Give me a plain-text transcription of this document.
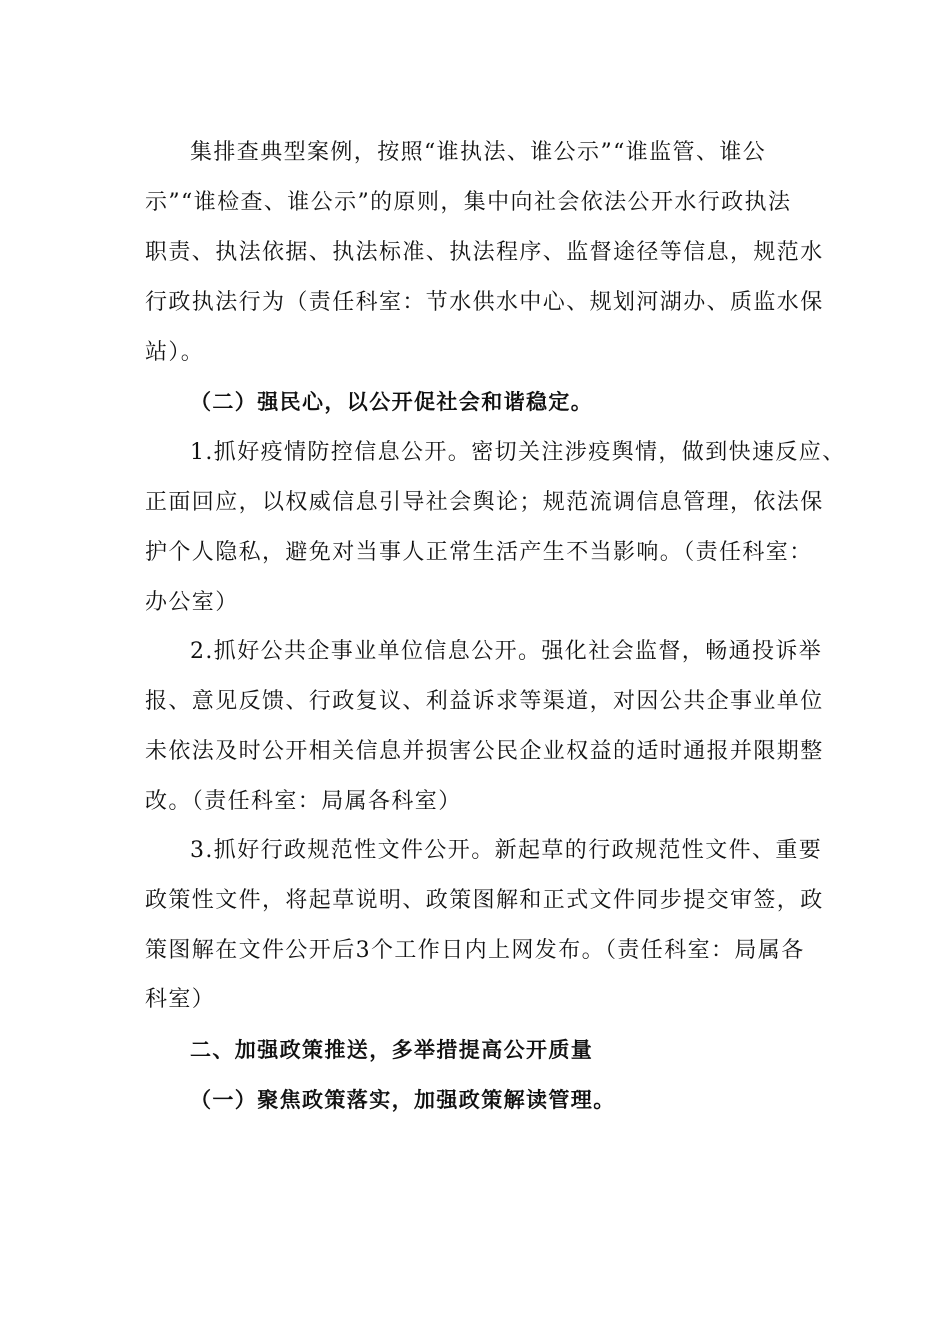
集排查典型案例，按照“谁执法、谁公示”“谁监管、谁公
示”“谁检查、谁公示”的原则，集中向社会依法公开水行政执法
职责、执法依据、执法标准、执法程序、监督途径等信息，规范水
行政执法行为（责任科室：节水供水中心、规划河湖办、质监水保
站）。
（二）强民心，以公开促社会和谐稳定。
1.抓好疫情防控信息公开。密切关注涉疫舆情，做到快速反应、
正面回应，以权威信息引导社会舆论；规范流调信息管理，依法保
护个人隐私，避免对当事人正常生活产生不当影响。（责任科室：
办公室）
2.抓好公共企事业单位信息公开。强化社会监督，畅通投诉举
报、意见反馈、行政复议、利益诉求等渠道，对因公共企事业单位
未依法及时公开相关信息并损害公民企业权益的适时通报并限期整
改。（责任科室：局属各科室）
3.抓好行政规范性文件公开。新起草的行政规范性文件、重要
政策性文件，将起草说明、政策图解和正式文件同步提交审签，政
策图解在文件公开后3个工作日内上网发布。（责任科室：局属各
科室）
二、加强政策推送，多举措提高公开质量
（一）聚焦政策落实，加强政策解读管理。
